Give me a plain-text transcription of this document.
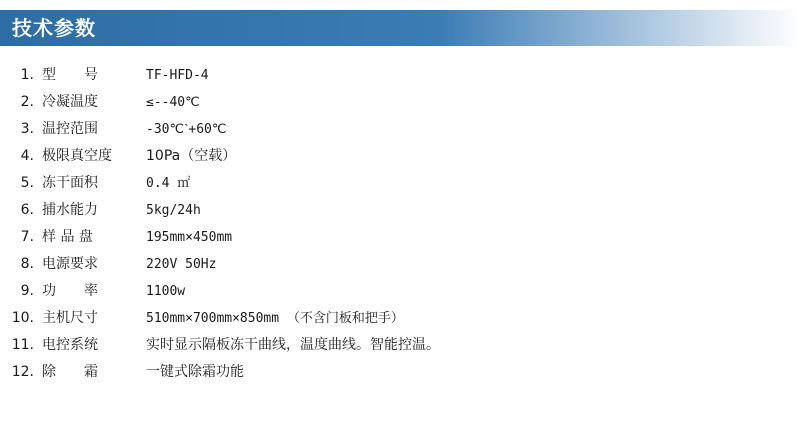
技术参数
1. 型　　号	TF-HFD-4
2. 冷凝温度	≤--40℃
3. 温控范围	-30℃ˋ+60℃
4. 极限真空度	10Pa（空载）
5. 冻干面积	0.4 ㎡
6. 捕水能力	5kg/24h
7. 样 品 盘	195mm×450mm
8. 电源要求	220V 50Hz
9. 功　　率	1100w
10. 主机尺寸	510mm×700mm×850mm （不含门板和把手）
11. 电控系统	实时显示隔板冻干曲线，温度曲线。智能控温。
12. 除　　霜	一键式除霜功能
